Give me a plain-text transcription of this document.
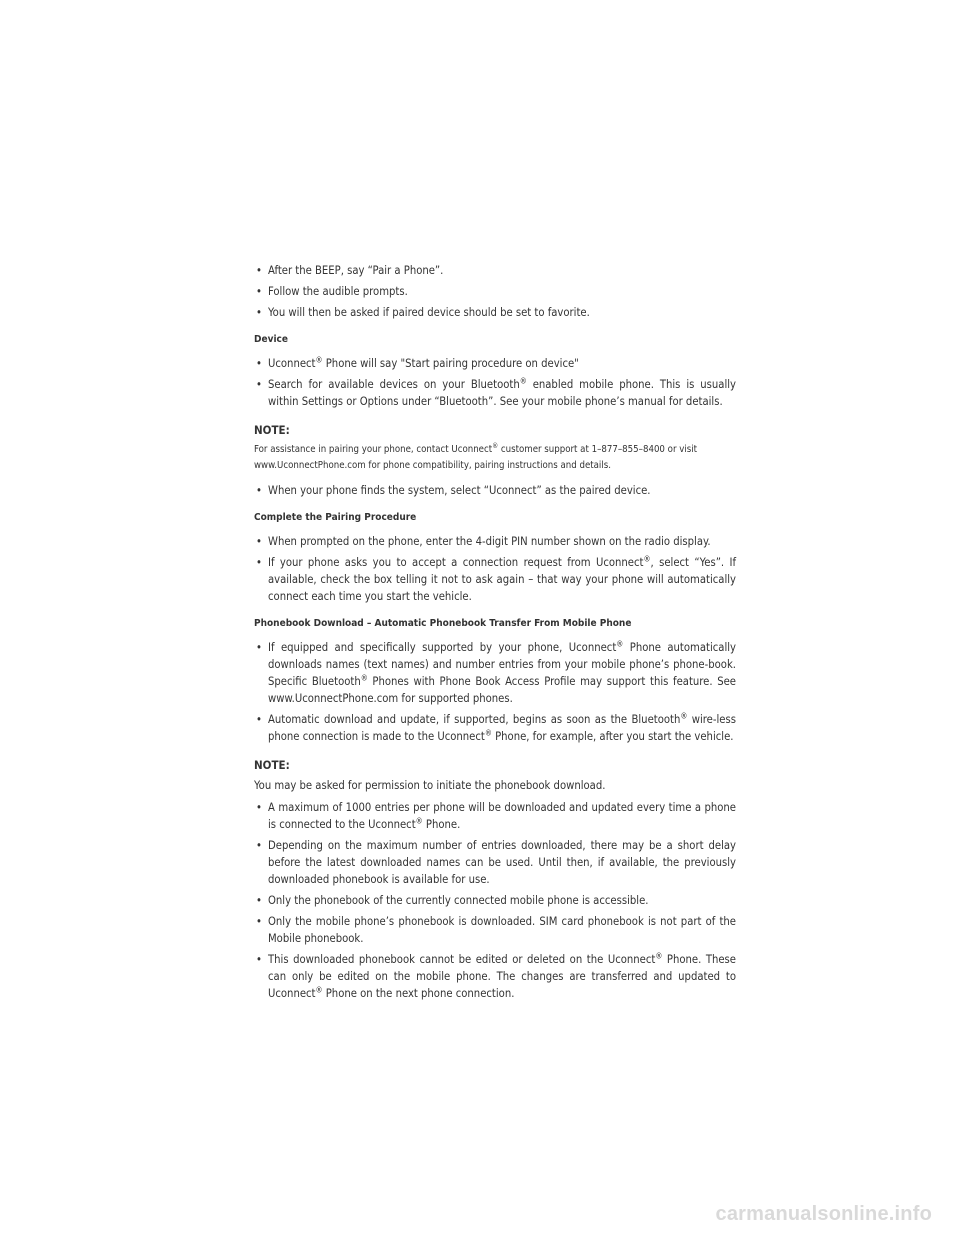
• After the BEEP, say “Pair a Phone”.
• Follow the audible prompts.
• You will then be asked if paired device should be set to favorite.
Device
• Uconnect® Phone will say "Start pairing procedure on device"
• Search for available devices on your Bluetooth® enabled mobile phone. This is usually within Settings or Options under “Bluetooth”. See your mobile phone’s manual for details.
NOTE:

For assistance in pairing your phone, contact Uconnect® customer support at 1–877–855–8400 or visit www.UconnectPhone.com for phone compatibility, pairing instructions and details.

• When your phone finds the system, select “Uconnect” as the paired device.
Complete the Pairing Procedure
• When prompted on the phone, enter the 4-digit PIN number shown on the radio display.
• If your phone asks you to accept a connection request from Uconnect®, select “Yes”. If available, check the box telling it not to ask again – that way your phone will automatically connect each time you start the vehicle.
Phonebook Download – Automatic Phonebook Transfer From Mobile Phone
• If equipped and specifically supported by your phone, Uconnect® Phone automatically downloads names (text names) and number entries from your mobile phone’s phone-book. Specific Bluetooth® Phones with Phone Book Access Profile may support this feature. See www.UconnectPhone.com for supported phones.
• Automatic download and update, if supported, begins as soon as the Bluetooth® wire-less phone connection is made to the Uconnect® Phone, for example, after you start the vehicle.
NOTE:

You may be asked for permission to initiate the phonebook download.

• A maximum of 1000 entries per phone will be downloaded and updated every time a phone is connected to the Uconnect® Phone.
• Depending on the maximum number of entries downloaded, there may be a short delay before the latest downloaded names can be used. Until then, if available, the previously downloaded phonebook is available for use.
• Only the phonebook of the currently connected mobile phone is accessible.
• Only the mobile phone’s phonebook is downloaded. SIM card phonebook is not part of the Mobile phonebook.
• This downloaded phonebook cannot be edited or deleted on the Uconnect® Phone. These can only be edited on the mobile phone. The changes are transferred and updated to Uconnect® Phone on the next phone connection.
carmanualsonline.info
